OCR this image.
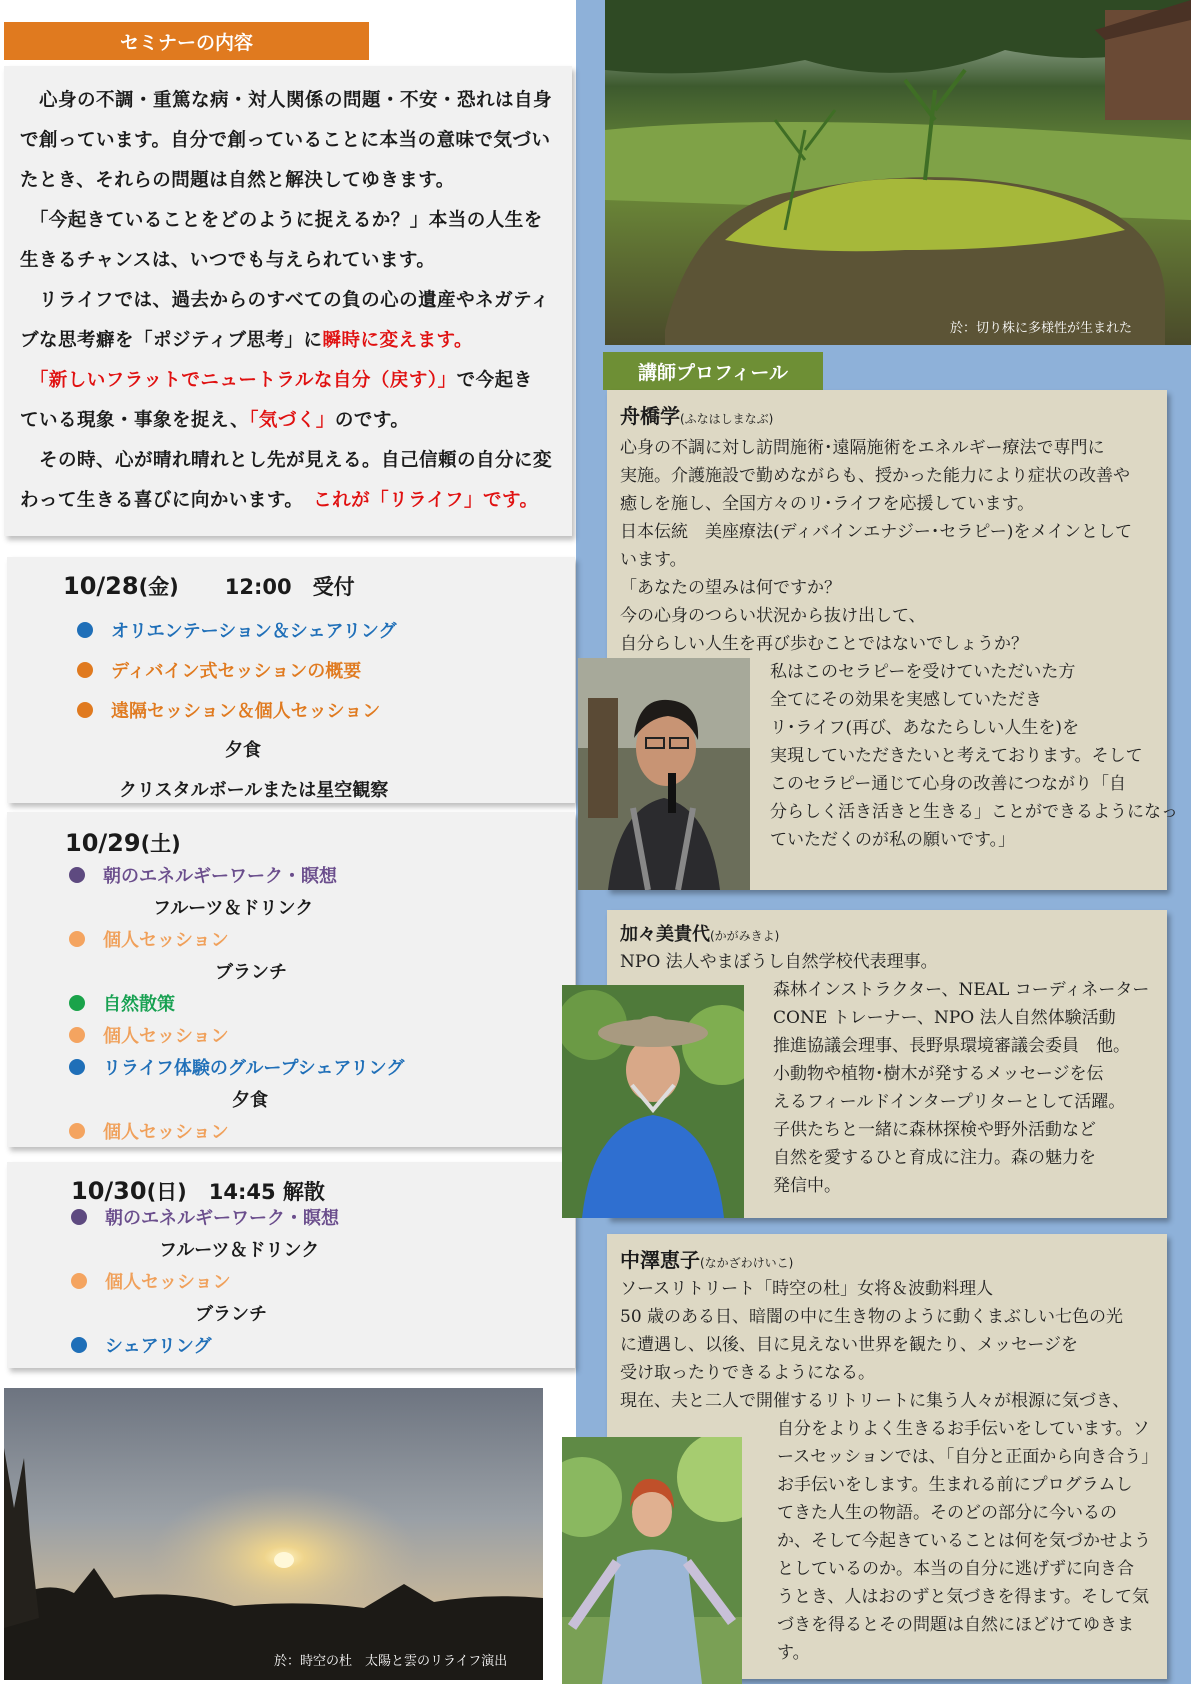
セミナーの内容
　心身の不調・重篤な病・対人関係の問題・不安・恐れは自身
で創っています。自分で創っていることに本当の意味で気づい
たとき、それらの問題は自然と解決してゆきます。
　「今起きていることをどのように捉えるか？」本当の人生を
生きるチャンスは、いつでも与えられています。
　リライフでは、過去からのすべての負の心の遺産やネガティ
ブな思考癖を「ポジティブ思考」に瞬時に変えます。
　「新しいフラットでニュートラルな自分（戻す）」で今起き
ている現象・事象を捉え、「気づく」のです。
　その時、心が晴れ晴れとし先が見える。自己信頼の自分に変
わって生きる喜びに向かいます。　これが「リライフ」です。
10/28(金) 12:00　受付
オリエンテーション＆シェアリング
ディバイン式セッションの概要
遠隔セッション＆個人セッション
夕食
クリスタルボールまたは星空観察
10/29(土)
朝のエネルギーワーク・瞑想
フルーツ＆ドリンク
個人セッション
ブランチ
自然散策
個人セッション
リライフ体験のグループシェアリング
夕食
個人セッション
10/30(日) 14:45 解散
朝のエネルギーワーク・瞑想
フルーツ＆ドリンク
個人セッション
ブランチ
シェアリング
於：時空の杜　太陽と雲のリライフ演出
於：切り株に多様性が生まれた
講師プロフィール
舟橋学(ふなはしまなぶ)
加々美貴代(かがみきよ)
中澤恵子(なかざわけいこ)
心身の不調に対し訪問施術･遠隔施術をエネルギー療法で専門に
実施。介護施設で勤めながらも、授かった能力により症状の改善や
癒しを施し、全国方々のリ･ライフを応援しています。
日本伝統　美座療法(ディバインエナジー･セラピー)をメインとして
います。
「あなたの望みは何ですか？
今の心身のつらい状況から抜け出して、
自分らしい人生を再び歩むことではないでしょうか？
私はこのセラピーを受けていただいた方
全てにその効果を実感していただき
リ･ライフ(再び、あなたらしい人生を)を
実現していただきたいと考えております。そして
このセラピー通じて心身の改善につながり「自
分らしく活き活きと生きる」ことができるようになっ
ていただくのが私の願いです。」
NPO 法人やまぼうし自然学校代表理事。
森林インストラクター、NEAL コーディネーター
CONE トレーナー、NPO 法人自然体験活動
推進協議会理事、長野県環境審議会委員　他。
小動物や植物･樹木が発するメッセージを伝
えるフィールドインタープリターとして活躍。
子供たちと一緒に森林探検や野外活動など
自然を愛するひと育成に注力。森の魅力を
発信中。
ソースリトリート「時空の杜」女将＆波動料理人
50 歳のある日、暗闇の中に生き物のように動くまぶしい七色の光
に遭遇し、以後、目に見えない世界を観たり、メッセージを
受け取ったりできるようになる。
現在、夫と二人で開催するリトリートに集う人々が根源に気づき、
自分をよりよく生きるお手伝いをしています。ソ
ースセッションでは、「自分と正面から向き合う」
お手伝いをします。生まれる前にプログラムし
てきた人生の物語。そのどの部分に今いるの
か、そして今起きていることは何を気づかせよう
としているのか。本当の自分に逃げずに向き合
うとき、人はおのずと気づきを得ます。そして気
づきを得るとその問題は自然にほどけてゆきま
す。
